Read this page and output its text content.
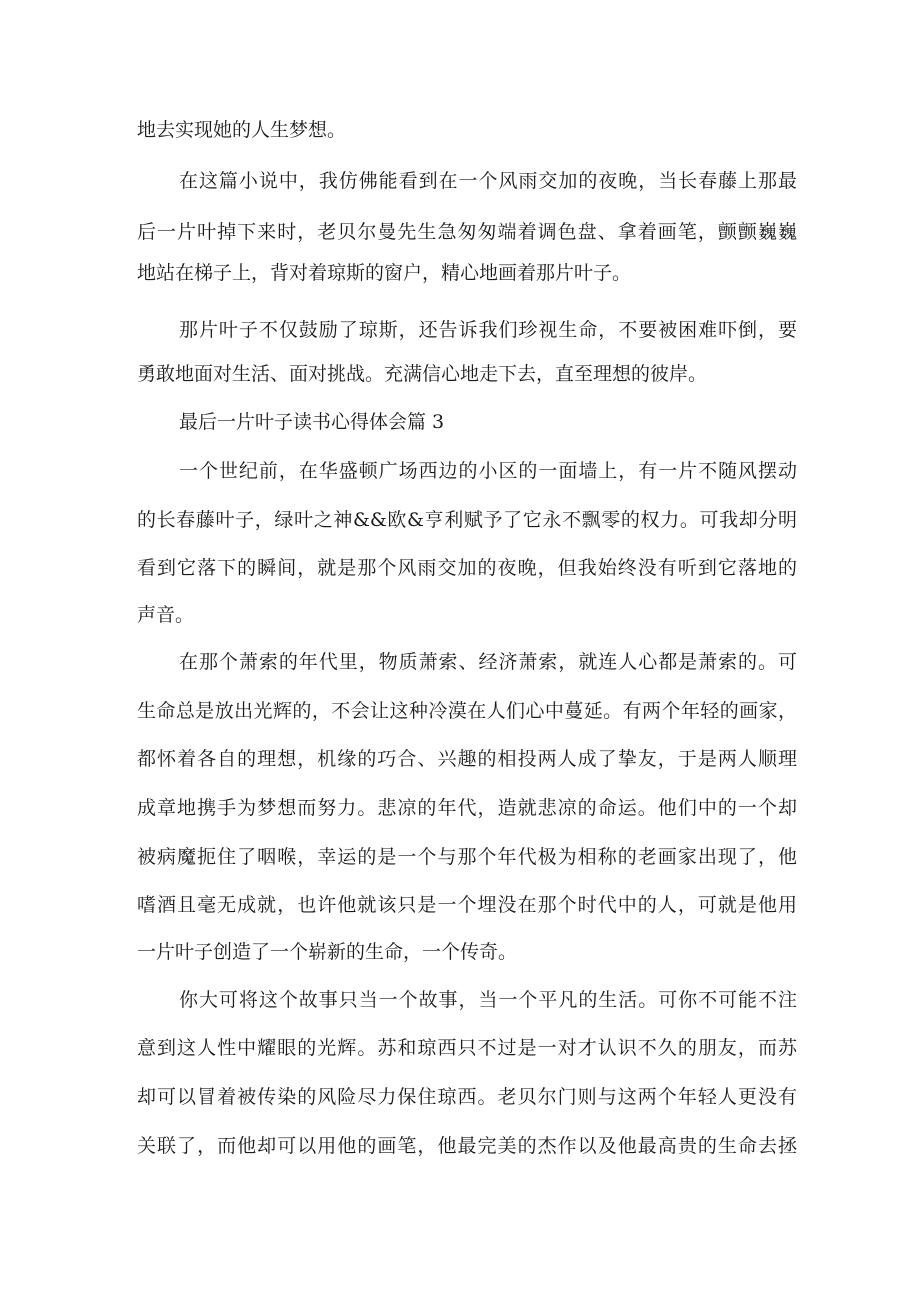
地去实现她的人生梦想。
在这篇小说中，我仿佛能看到在一个风雨交加的夜晚，当长春藤上那最
后一片叶掉下来时，老贝尔曼先生急匆匆端着调色盘、拿着画笔，颤颤巍巍
地站在梯子上，背对着琼斯的窗户，精心地画着那片叶子。
那片叶子不仅鼓励了琼斯，还告诉我们珍视生命，不要被困难吓倒，要
勇敢地面对生活、面对挑战。充满信心地走下去，直至理想的彼岸。
最后一片叶子读书心得体会篇 3
一个世纪前，在华盛顿广场西边的小区的一面墙上，有一片不随风摆动
的长春藤叶子，绿叶之神&&欧&亨利赋予了它永不飘零的权力。可我却分明
看到它落下的瞬间，就是那个风雨交加的夜晚，但我始终没有听到它落地的
声音。
在那个萧索的年代里，物质萧索、经济萧索，就连人心都是萧索的。可
生命总是放出光辉的，不会让这种冷漠在人们心中蔓延。有两个年轻的画家，
都怀着各自的理想，机缘的巧合、兴趣的相投两人成了挚友，于是两人顺理
成章地携手为梦想而努力。悲凉的年代，造就悲凉的命运。他们中的一个却
被病魔扼住了咽喉，幸运的是一个与那个年代极为相称的老画家出现了，他
嗜酒且毫无成就，也许他就该只是一个埋没在那个时代中的人，可就是他用
一片叶子创造了一个崭新的生命，一个传奇。
你大可将这个故事只当一个故事，当一个平凡的生活。可你不可能不注
意到这人性中耀眼的光辉。苏和琼西只不过是一对才认识不久的朋友，而苏
却可以冒着被传染的风险尽力保住琼西。老贝尔门则与这两个年轻人更没有
关联了，而他却可以用他的画笔，他最完美的杰作以及他最高贵的生命去拯
